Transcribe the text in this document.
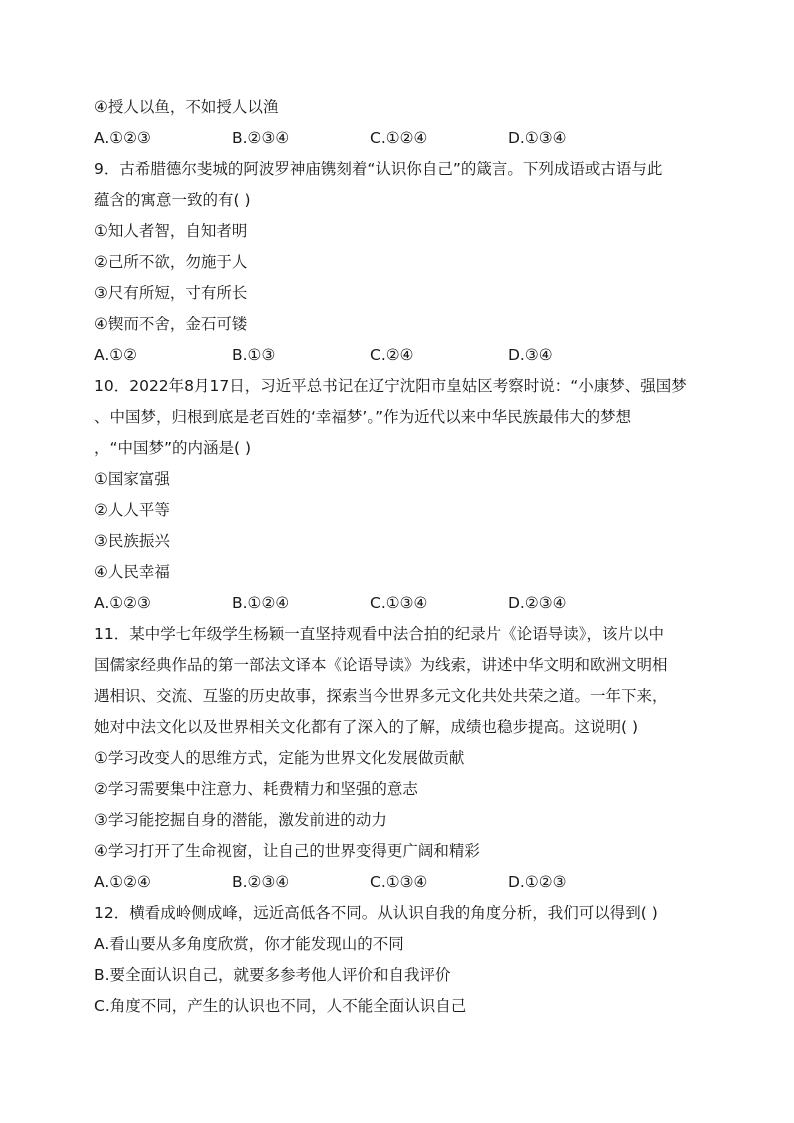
④授人以鱼，不如授人以渔
A.①②③	B.②③④	C.①②④	D.①③④
9．古希腊德尔斐城的阿波罗神庙镌刻着“认识你自己”的箴言。下列成语或古语与此
蕴含的寓意一致的有( )
①知人者智，自知者明
②己所不欲，勿施于人
③尺有所短，寸有所长
④锲而不舍，金石可镂
A.①②	B.①③	C.②④	D.③④
10．2022年8月17日，习近平总书记在辽宁沈阳市皇姑区考察时说：“小康梦、强国梦
、中国梦，归根到底是老百姓的‘幸福梦’。”作为近代以来中华民族最伟大的梦想
，“中国梦”的内涵是( )
①国家富强
②人人平等
③民族振兴
④人民幸福
A.①②③	B.①②④	C.①③④	D.②③④
11．某中学七年级学生杨颖一直坚持观看中法合拍的纪录片《论语导读》，该片以中
国儒家经典作品的第一部法文译本《论语导读》为线索，讲述中华文明和欧洲文明相
遇相识、交流、互鉴的历史故事，探索当今世界多元文化共处共荣之道。一年下来，
她对中法文化以及世界相关文化都有了深入的了解，成绩也稳步提高。这说明( )
①学习改变人的思维方式，定能为世界文化发展做贡献
②学习需要集中注意力、耗费精力和坚强的意志
③学习能挖掘自身的潜能，激发前进的动力
④学习打开了生命视窗，让自己的世界变得更广阔和精彩
A.①②④	B.②③④	C.①③④	D.①②③
12．横看成岭侧成峰，远近高低各不同。从认识自我的角度分析，我们可以得到( )
A.看山要从多角度欣赏，你才能发现山的不同
B.要全面认识自己，就要多参考他人评价和自我评价
C.角度不同，产生的认识也不同，人不能全面认识自己
